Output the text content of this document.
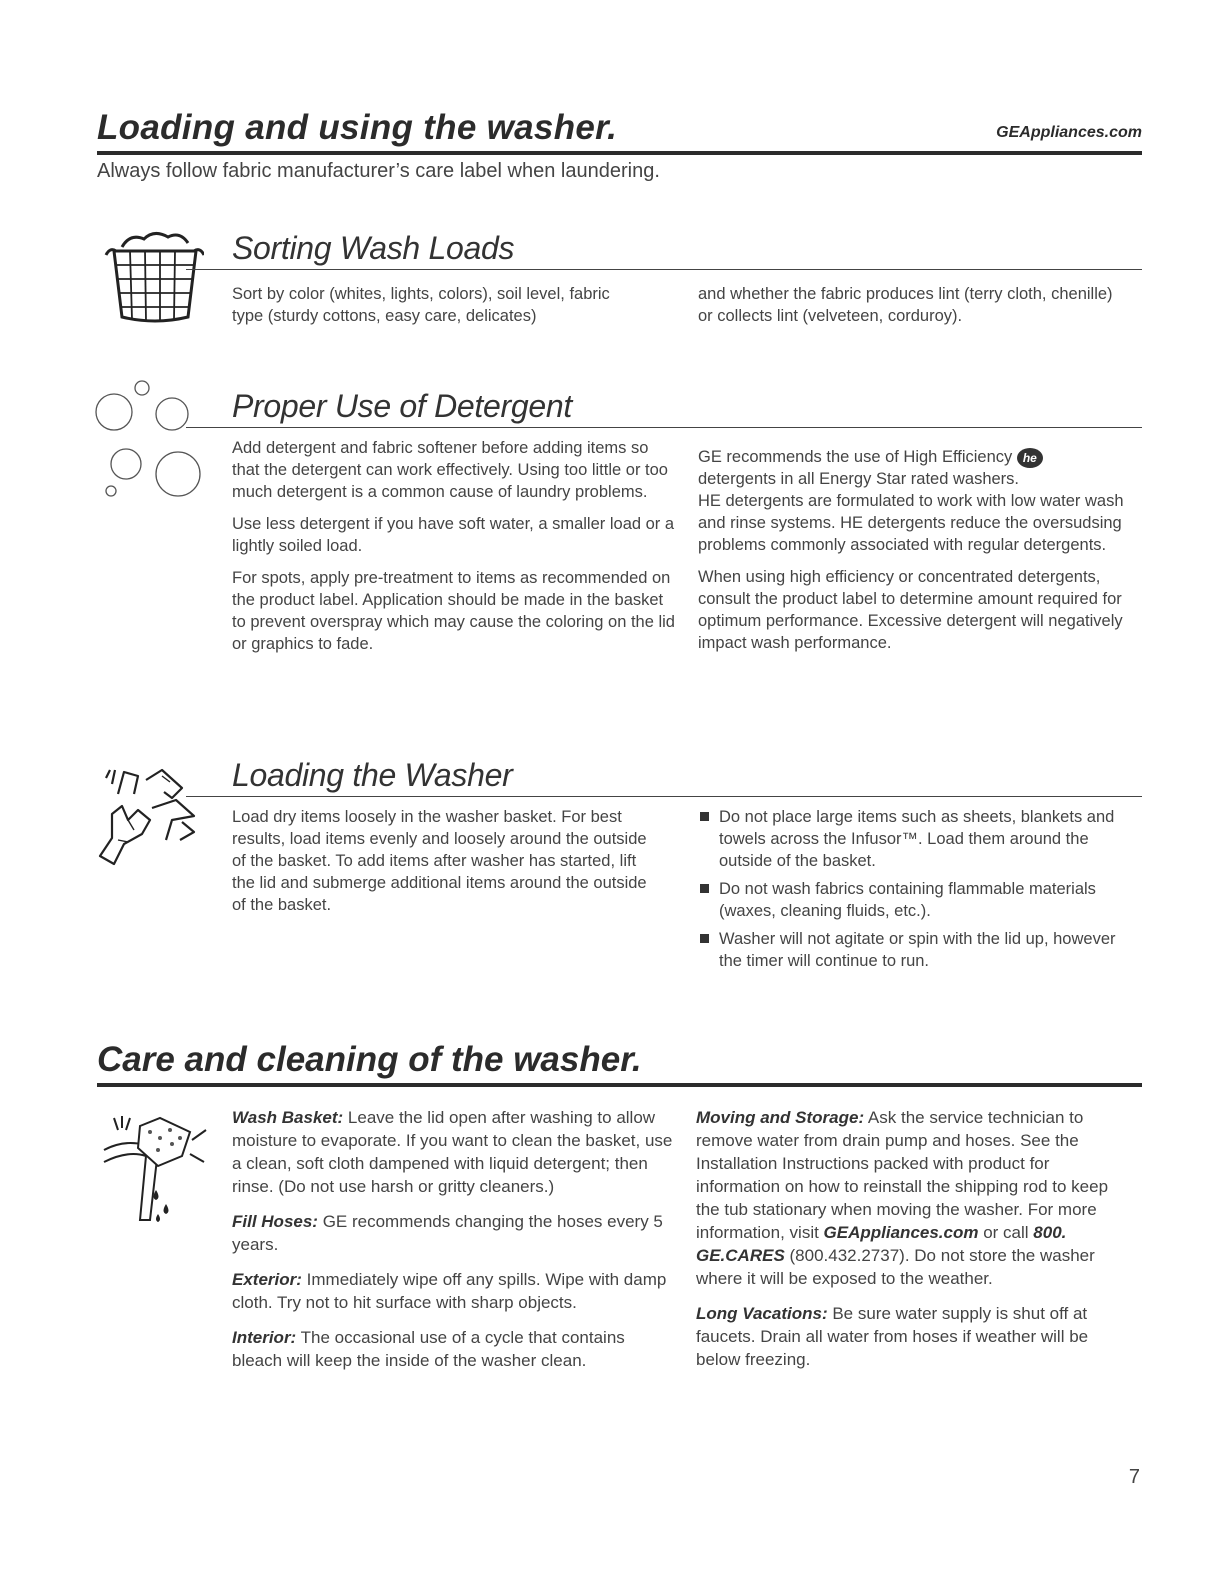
Loading and using the washer.	GEAppliances.com
Always follow fabric manufacturer’s care label when laundering.
Sorting Wash Loads

Sort by color (whites, lights, colors), soil level, fabric type (sturdy cottons, easy care, delicates)

and whether the fabric produces lint (terry cloth, chenille) or collects lint (velveteen, corduroy).

Proper Use of Detergent

Add detergent and fabric softener before adding items so that the detergent can work effectively. Using too little or too much detergent is a common cause of laundry problems.

Use less detergent if you have soft water, a smaller load or a lightly soiled load.

For spots, apply pre-treatment to items as recommended on the product label. Application should be made in the basket to prevent overspray which may cause the coloring on the lid or graphics to fade.

GE recommends the use of High Efficiency he
detergents in all Energy Star rated washers.
HE detergents are formulated to work with low water wash and rinse systems. HE detergents reduce the oversudsing problems commonly associated with regular detergents.

When using high efficiency or concentrated detergents, consult the product label to determine amount required for optimum performance. Excessive detergent will negatively impact wash performance.

Loading the Washer

Load dry items loosely in the washer basket. For best results, load items evenly and loosely around the outside of the basket. To add items after washer has started, lift the lid and submerge additional items around the outside of the basket.

Do not place large items such as sheets, blankets and towels across the Infusor™. Load them around the outside of the basket.
Do not wash fabrics containing flammable materials (waxes, cleaning fluids, etc.).
Washer will not agitate or spin with the lid up, however the timer will continue to run.
Care and cleaning of the washer.

Wash Basket: Leave the lid open after washing to allow moisture to evaporate. If you want to clean the basket, use a clean, soft cloth dampened with liquid detergent; then rinse. (Do not use harsh or gritty cleaners.)

Fill Hoses: GE recommends changing the hoses every 5 years.

Exterior: Immediately wipe off any spills. Wipe with damp cloth. Try not to hit surface with sharp objects.

Interior: The occasional use of a cycle that contains bleach will keep the inside of the washer clean.

Moving and Storage: Ask the service technician to remove water from drain pump and hoses. See the Installation Instructions packed with product for information on how to reinstall the shipping rod to keep the tub stationary when moving the washer. For more information, visit GEAppliances.com or call 800. GE.CARES (800.432.2737). Do not store the washer where it will be exposed to the weather.

Long Vacations: Be sure water supply is shut off at faucets. Drain all water from hoses if weather will be below freezing.

7
